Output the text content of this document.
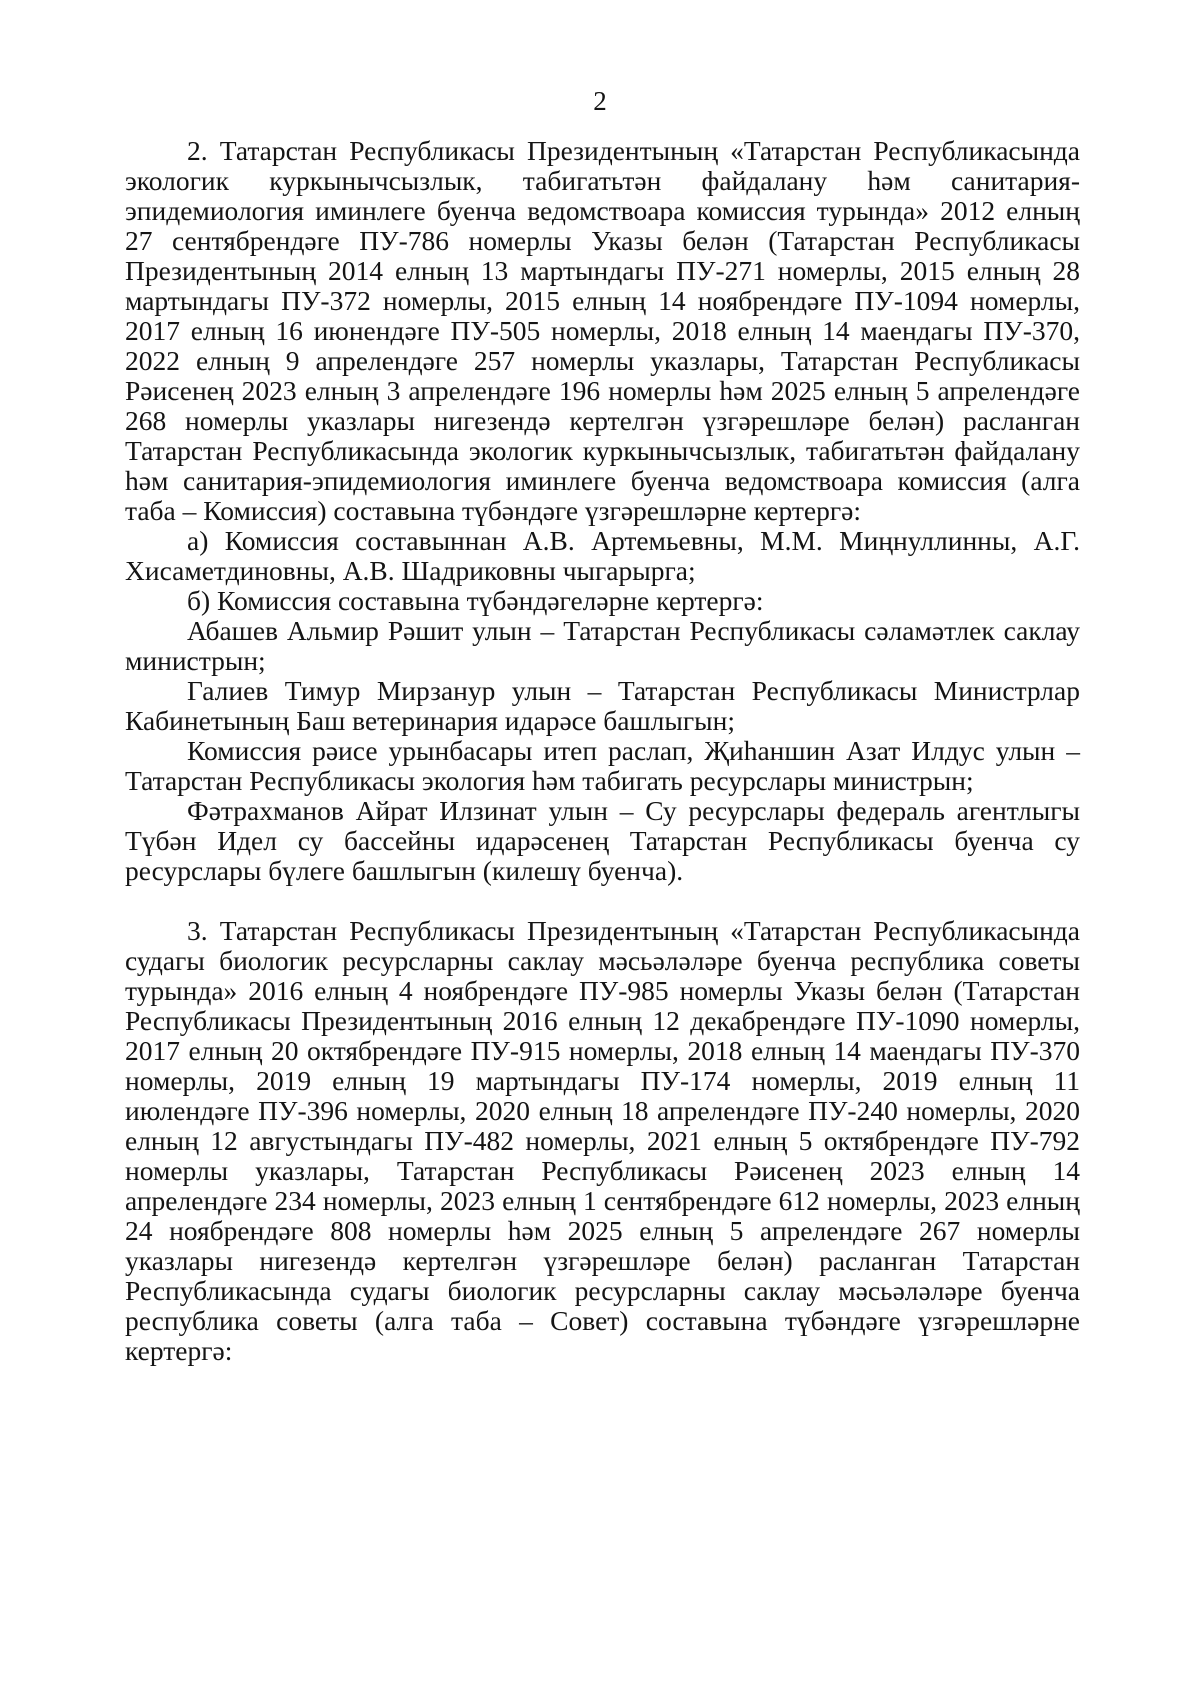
2

2. Татарстан Республикасы Президентының «Татарстан Республикасында экологик куркынычсызлык, табигатьтән файдалану һәм санитария-эпидемиология иминлеге буенча ведомствоара комиссия турында» 2012 елның 27 сентябрендәге ПУ-786 номерлы Указы белән (Татарстан Республикасы Президентының 2014 елның 13 мартындагы ПУ-271 номерлы, 2015 елның 28 мартындагы ПУ-372 номерлы, 2015 елның 14 ноябрендәге ПУ-1094 номерлы, 2017 елның 16 июнендәге ПУ-505 номерлы, 2018 елның 14 маендагы ПУ-370, 2022 елның 9 апрелендәге 257 номерлы указлары, Татарстан Республикасы Рәисенең 2023 елның 3 апрелендәге 196 номерлы һәм 2025 елның 5 апрелендәге 268 номерлы указлары нигезендә кертелгән үзгәрешләре белән) расланган Татарстан Республикасында экологик куркынычсызлык, табигатьтән файдалану һәм санитария-эпидемиология иминлеге буенча ведомствоара комиссия (алга таба – Комиссия) составына түбәндәге үзгәрешләрне кертергә:

а) Комиссия составыннан А.В. Артемьевны, М.М. Миңнуллинны, А.Г. Хисаметдиновны, А.В. Шадриковны чыгарырга;

б) Комиссия составына түбәндәгеләрне кертергә:

Абашев Альмир Рәшит улын – Татарстан Республикасы сәламәтлек саклау министрын;

Галиев Тимур Мирзанур улын – Татарстан Республикасы Министрлар Кабинетының Баш ветеринария идарәсе башлыгын;

Комиссия рәисе урынбасары итеп раслап, Җиһаншин Азат Илдус улын – Татарстан Республикасы экология һәм табигать ресурслары министрын;

Фәтрахманов Айрат Илзинат улын – Су ресурслары федераль агентлыгы Түбән Идел су бассейны идарәсенең Татарстан Республикасы буенча су ресурслары бүлеге башлыгын (килешү буенча).

3. Татарстан Республикасы Президентының «Татарстан Республикасында судагы биологик ресурсларны саклау мәсьәләләре буенча республика советы турында» 2016 елның 4 ноябрендәге ПУ-985 номерлы Указы белән (Татарстан Республикасы Президентының 2016 елның 12 декабрендәге ПУ-1090 номерлы, 2017 елның 20 октябрендәге ПУ-915 номерлы, 2018 елның 14 маендагы ПУ-370 номерлы, 2019 елның 19 мартындагы ПУ-174 номерлы, 2019 елның 11 июлендәге ПУ-396 номерлы, 2020 елның 18 апрелендәге ПУ-240 номерлы, 2020 елның 12 августындагы ПУ-482 номерлы, 2021 елның 5 октябрендәге ПУ-792 номерлы указлары, Татарстан Республикасы Рәисенең 2023 елның 14 апрелендәге 234 номерлы, 2023 елның 1 сентябрендәге 612 номерлы, 2023 елның 24 ноябрендәге 808 номерлы һәм 2025 елның 5 апрелендәге 267 номерлы указлары нигезендә кертелгән үзгәрешләре белән) расланган Татарстан Республикасында судагы биологик ресурсларны саклау мәсьәләләре буенча республика советы (алга таба – Совет) составына түбәндәге үзгәрешләрне кертергә:
